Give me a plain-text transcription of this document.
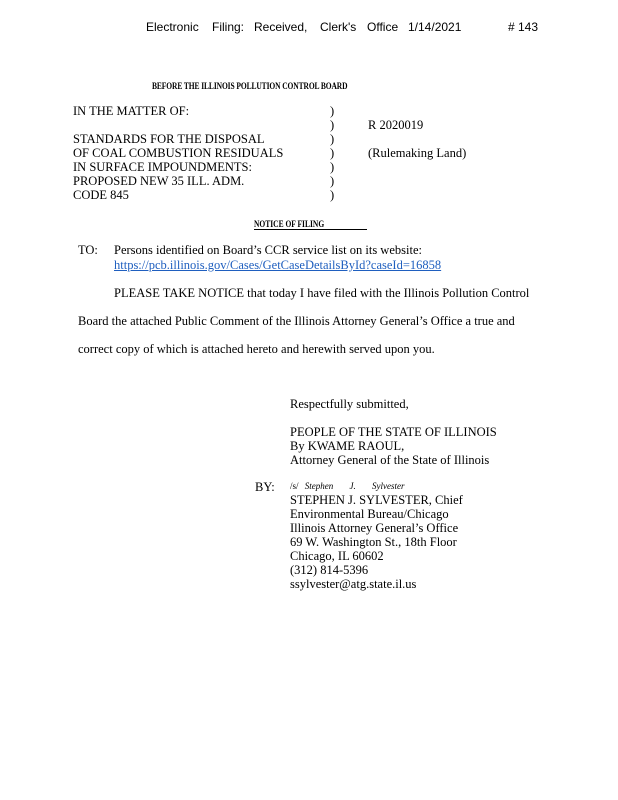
Electronic Filing: Received, Clerk's Office 1/14/2021	# 143
BEFORE THE ILLINOIS POLLUTION CONTROL BOARD
IN THE MATTER OF:

STANDARDS FOR THE DISPOSAL
OF COAL COMBUSTION RESIDUALS
IN SURFACE IMPOUNDMENTS:
PROPOSED NEW 35 ILL. ADM.
CODE 845
)
)
)
)
)
)
)
R 2020019

(Rulemaking Land)
NOTICE OF FILING
TO: Persons identified on Board’s CCR service list on its website:
https://pcb.illinois.gov/Cases/GetCaseDetailsById?caseId=16858
PLEASE TAKE NOTICE that today I have filed with the Illinois Pollution Control
Board the attached Public Comment of the Illinois Attorney General’s Office a true and
correct copy of which is attached hereto and herewith served upon you.
Respectfully submitted,
PEOPLE OF THE STATE OF ILLINOIS
By KWAME RAOUL,
Attorney General of the State of Illinois
BY: /s/ Stephen J. Sylvester
STEPHEN J. SYLVESTER, Chief
Environmental Bureau/Chicago
Illinois Attorney General’s Office
69 W. Washington St., 18th Floor
Chicago, IL 60602
(312) 814-5396
ssylvester@atg.state.il.us
